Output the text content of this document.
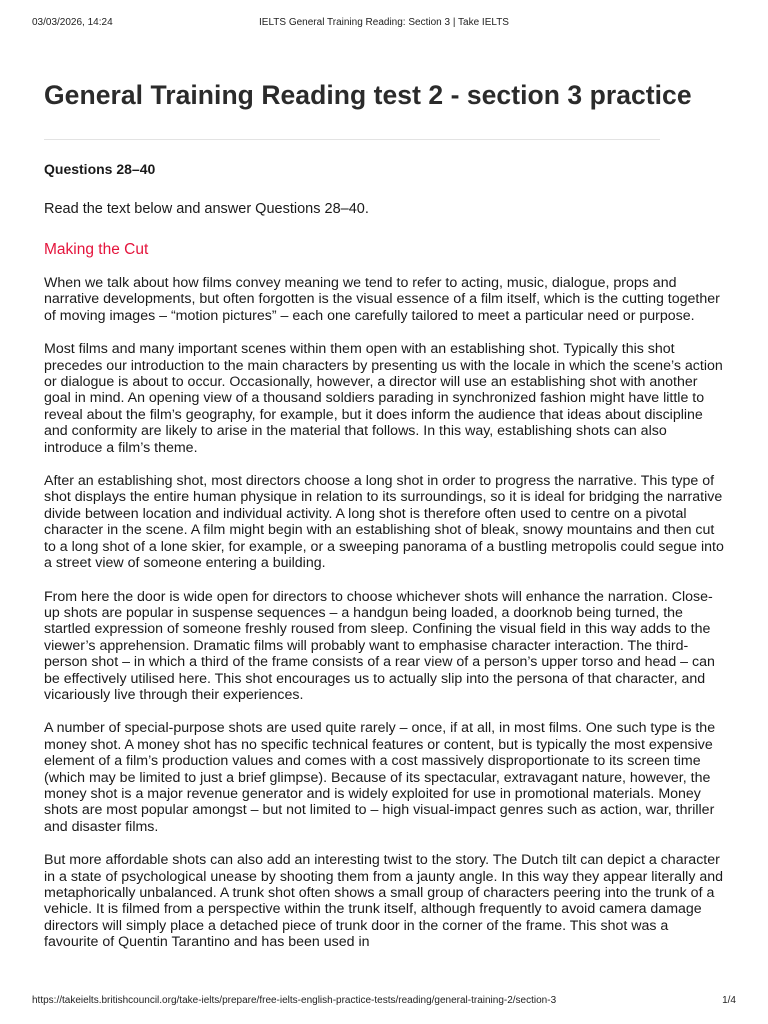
03/03/2026, 14:24	IELTS General Training Reading: Section 3 | Take IELTS
General Training Reading test 2 - section 3 practice
Questions 28–40
Read the text below and answer Questions 28–40.
Making the Cut

When we talk about how films convey meaning we tend to refer to acting, music, dialogue, props and narrative developments, but often forgotten is the visual essence of a film itself, which is the cutting together of moving images – “motion pictures” – each one carefully tailored to meet a particular need or purpose.

Most films and many important scenes within them open with an establishing shot. Typically this shot precedes our introduction to the main characters by presenting us with the locale in which the scene’s action or dialogue is about to occur. Occasionally, however, a director will use an establishing shot with another goal in mind. An opening view of a thousand soldiers parading in synchronized fashion might have little to reveal about the film’s geography, for example, but it does inform the audience that ideas about discipline and conformity are likely to arise in the material that follows. In this way, establishing shots can also introduce a film’s theme.

After an establishing shot, most directors choose a long shot in order to progress the narrative. This type of shot displays the entire human physique in relation to its surroundings, so it is ideal for bridging the narrative divide between location and individual activity. A long shot is therefore often used to centre on a pivotal character in the scene. A film might begin with an establishing shot of bleak, snowy mountains and then cut to a long shot of a lone skier, for example, or a sweeping panorama of a bustling metropolis could segue into a street view of someone entering a building.

From here the door is wide open for directors to choose whichever shots will enhance the narration. Close-up shots are popular in suspense sequences – a handgun being loaded, a doorknob being turned, the startled expression of someone freshly roused from sleep. Confining the visual field in this way adds to the viewer’s apprehension. Dramatic films will probably want to emphasise character interaction. The third-person shot – in which a third of the frame consists of a rear view of a person’s upper torso and head – can be effectively utilised here. This shot encourages us to actually slip into the persona of that character, and vicariously live through their experiences.

A number of special-purpose shots are used quite rarely – once, if at all, in most films. One such type is the money shot. A money shot has no specific technical features or content, but is typically the most expensive element of a film’s production values and comes with a cost massively disproportionate to its screen time (which may be limited to just a brief glimpse). Because of its spectacular, extravagant nature, however, the money shot is a major revenue generator and is widely exploited for use in promotional materials. Money shots are most popular amongst – but not limited to – high visual-impact genres such as action, war, thriller and disaster films.

But more affordable shots can also add an interesting twist to the story. The Dutch tilt can depict a character in a state of psychological unease by shooting them from a jaunty angle. In this way they appear literally and metaphorically unbalanced. A trunk shot often shows a small group of characters peering into the trunk of a vehicle. It is filmed from a perspective within the trunk itself, although frequently to avoid camera damage directors will simply place a detached piece of trunk door in the corner of the frame. This shot was a favourite of Quentin Tarantino and has been used in

https://takeielts.britishcouncil.org/take-ielts/prepare/free-ielts-english-practice-tests/reading/general-training-2/section-3	1/4
